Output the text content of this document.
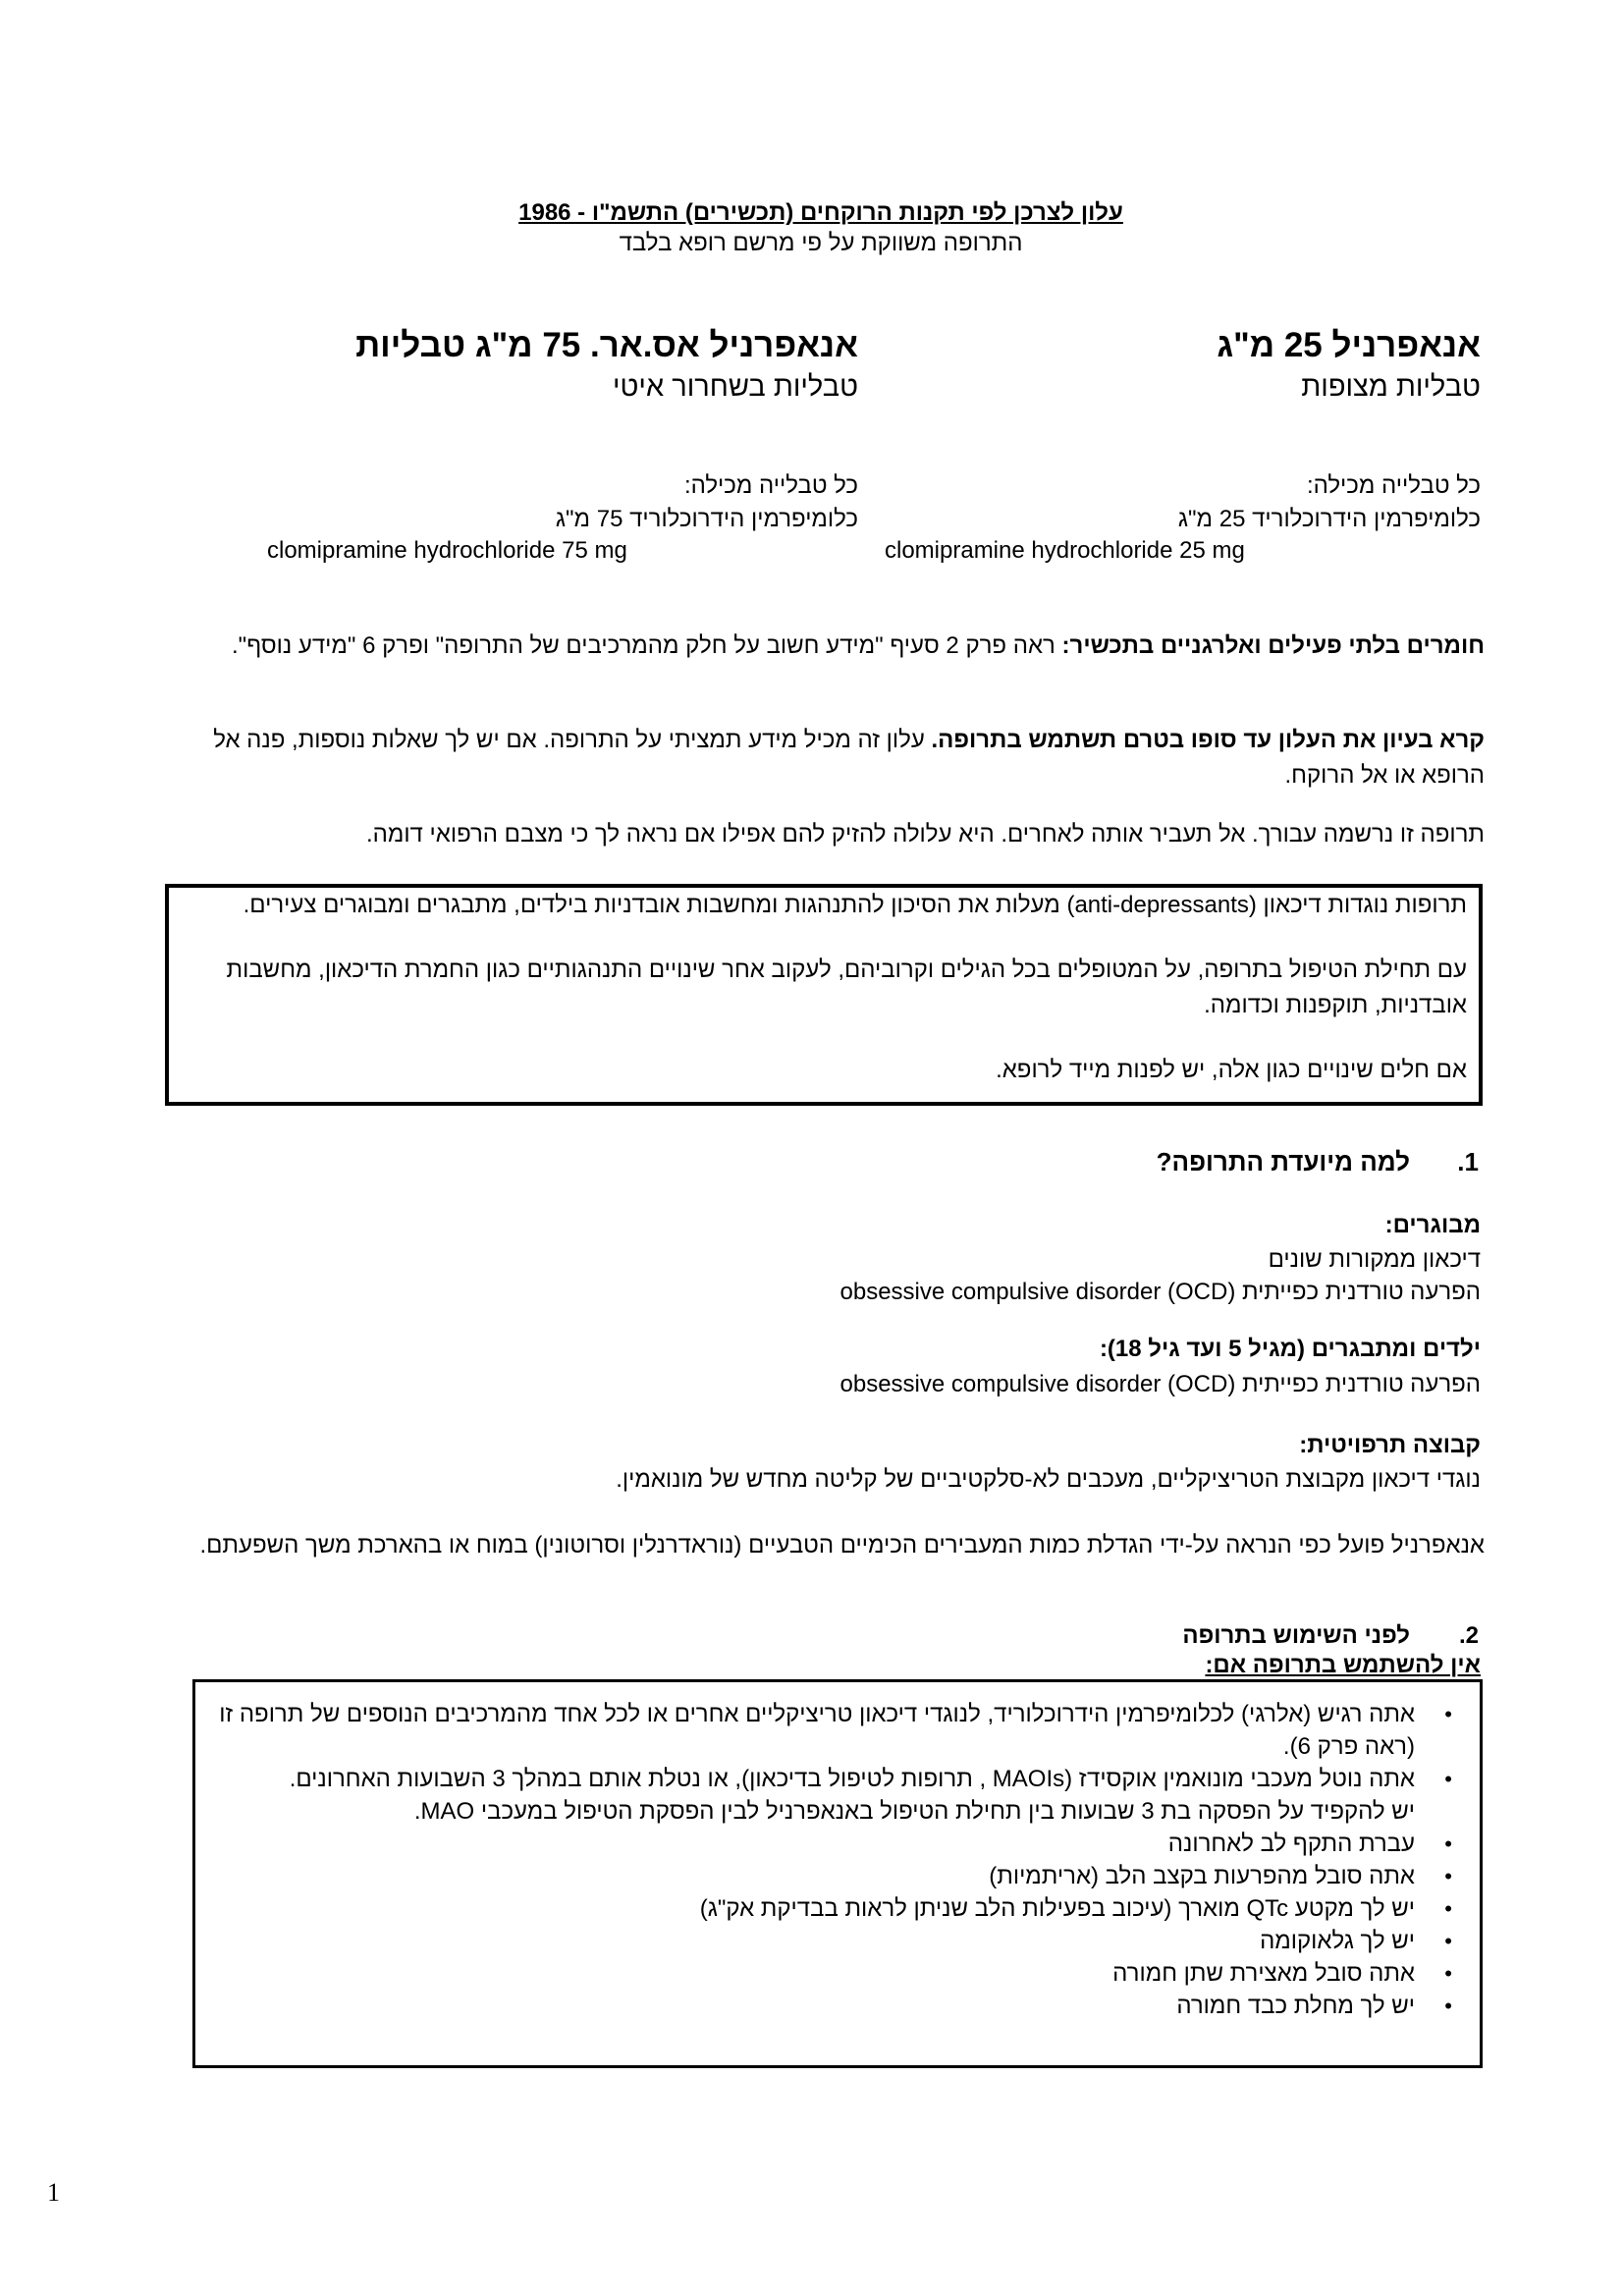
עלון לצרכן לפי תקנות הרוקחים (תכשירים) התשמ"ו - 1986
התרופה משווקת על פי מרשם רופא בלבד
אנאפרניל 25 מ"ג
טבליות מצופות
כל טבלייה מכילה:
כלומיפרמין הידרוכלוריד 25 מ"ג
clomipramine hydrochloride 25 mg
אנאפרניל אס.אר. 75 מ"ג טבליות
טבליות בשחרור איטי
כל טבלייה מכילה:
כלומיפרמין הידרוכלוריד 75 מ"ג
clomipramine hydrochloride 75 mg
חומרים בלתי פעילים ואלרגניים בתכשיר: ראה פרק 2 סעיף "מידע חשוב על חלק מהמרכיבים של התרופה" ופרק 6 "מידע נוסף".
קרא בעיון את העלון עד סופו בטרם תשתמש בתרופה. עלון זה מכיל מידע תמציתי על התרופה. אם יש לך שאלות נוספות, פנה אל הרופא או אל הרוקח.
תרופה זו נרשמה עבורך. אל תעביר אותה לאחרים. היא עלולה להזיק להם אפילו אם נראה לך כי מצבם הרפואי דומה.

תרופות נוגדות דיכאון (anti-depressants) מעלות את הסיכון להתנהגות ומחשבות אובדניות בילדים, מתבגרים ומבוגרים צעירים.

עם תחילת הטיפול בתרופה, על המטופלים בכל הגילים וקרוביהם, לעקוב אחר שינויים התנהגותיים כגון החמרת הדיכאון, מחשבות אובדניות, תוקפנות וכדומה.

אם חלים שינויים כגון אלה, יש לפנות מייד לרופא.

1.
למה מיועדת התרופה?
מבוגרים:
דיכאון ממקורות שונים
הפרעה טורדנית כפייתית (obsessive compulsive disorder (OCD
ילדים ומתבגרים (מגיל 5 ועד גיל 18):
הפרעה טורדנית כפייתית (obsessive compulsive disorder (OCD
קבוצה תרפויטית:
נוגדי דיכאון מקבוצת הטריציקליים, מעכבים לא-סלקטיביים של קליטה מחדש של מונואמין.
אנאפרניל פועל כפי הנראה על-ידי הגדלת כמות המעבירים הכימיים הטבעיים (נוראדרנלין וסרוטונין) במוח או בהארכת משך השפעתם.
2.
לפני השימוש בתרופה
אין להשתמש בתרופה אם:
•
אתה רגיש (אלרגי) לכלומיפרמין הידרוכלוריד, לנוגדי דיכאון טריציקליים אחרים או לכל אחד מהמרכיבים הנוספים של תרופה זו (ראה פרק 6).
•
אתה נוטל מעכבי מונואמין אוקסידז (MAOIs , תרופות לטיפול בדיכאון), או נטלת אותם במהלך 3 השבועות האחרונים.
יש להקפיד על הפסקה בת 3 שבועות בין תחילת הטיפול באנאפרניל לבין הפסקת הטיפול במעכבי MAO.
•
עברת התקף לב לאחרונה
•
אתה סובל מהפרעות בקצב הלב (אריתמיות)
•
יש לך מקטע QTc מוארך (עיכוב בפעילות הלב שניתן לראות בבדיקת אק"ג)
•
יש לך גלאוקומה
•
אתה סובל מאצירת שתן חמורה
•
יש לך מחלת כבד חמורה
1
